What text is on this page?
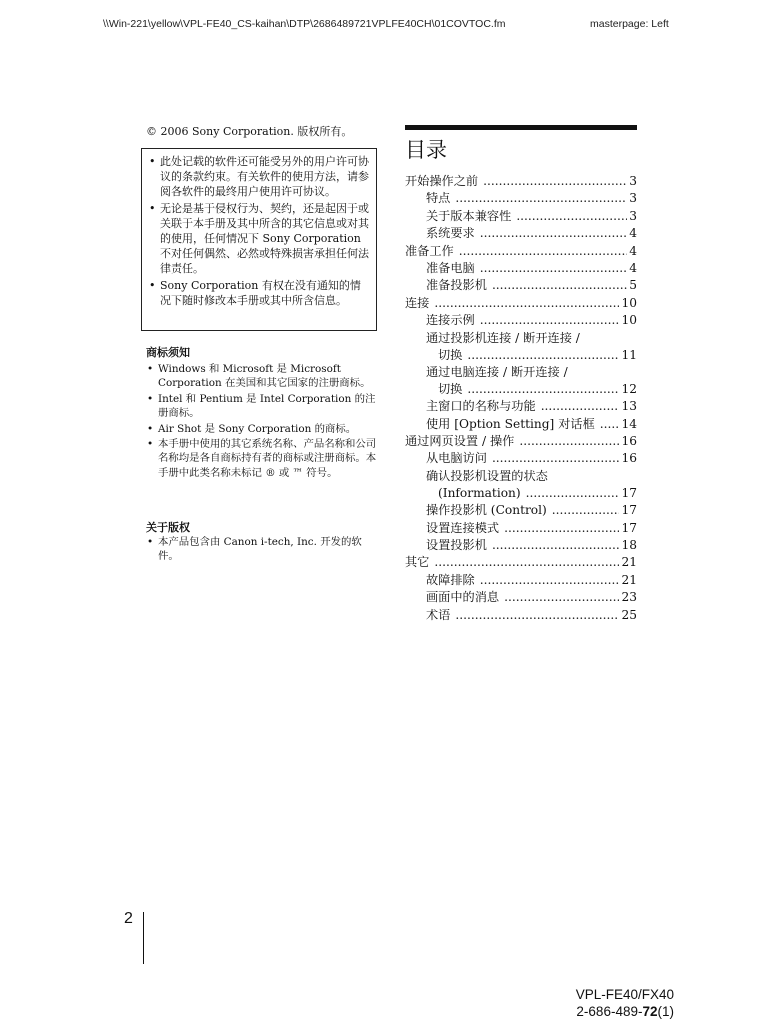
\\Win-221\yellow\VPL-FE40_CS-kaihan\DTP\2686489721VPLFE40CH\01COVTOC.fm	masterpage: Left
© 2006 Sony Corporation. 版权所有。
• 此处记载的软件还可能受另外的用户许可协议的条款约束。有关软件的使用方法，请参阅各软件的最终用户使用许可协议。
• 无论是基于侵权行为、契约，还是起因于或关联于本手册及其中所含的其它信息或对其的使用，任何情况下 Sony Corporation 不对任何偶然、必然或特殊损害承担任何法律责任。
• Sony Corporation 有权在没有通知的情况下随时修改本手册或其中所含信息。
商标须知
• Windows 和 Microsoft 是 Microsoft Corporation 在美国和其它国家的注册商标。
• Intel 和 Pentium 是 Intel Corporation 的注册商标。
• Air Shot 是 Sony Corporation 的商标。
• 本手册中使用的其它系统名称、产品名称和公司名称均是各自商标持有者的商标或注册商标。本手册中此类名称未标记 ® 或 ™ 符号。
关于版权
• 本产品包含由 Canon i-tech, Inc. 开发的软件。
目录
开始操作之前 .....	3
特点 .....	3
关于版本兼容性 .....	3
系统要求 .....	4
准备工作 .....	4
准备电脑 .....	4
准备投影机 .....	5
连接 .....	10
连接示例 .....	10
通过投影机连接 / 断开连接 /
切换 .....	11
通过电脑连接 / 断开连接 /
切换 .....	12
主窗口的名称与功能 .....	13
使用 [Option Setting] 对话框 ..... 14
通过网页设置 / 操作 .....	16
从电脑访问 .....	16
确认投影机设置的状态
(Information) .....	17
操作投影机 (Control) .....	17
设置连接模式 .....	17
设置投影机 .....	18
其它 .....	21
故障排除 .....	21
画面中的消息 .....	23
术语 .....	25
2
VPL-FE40/FX40
2-686-489-72(1)
